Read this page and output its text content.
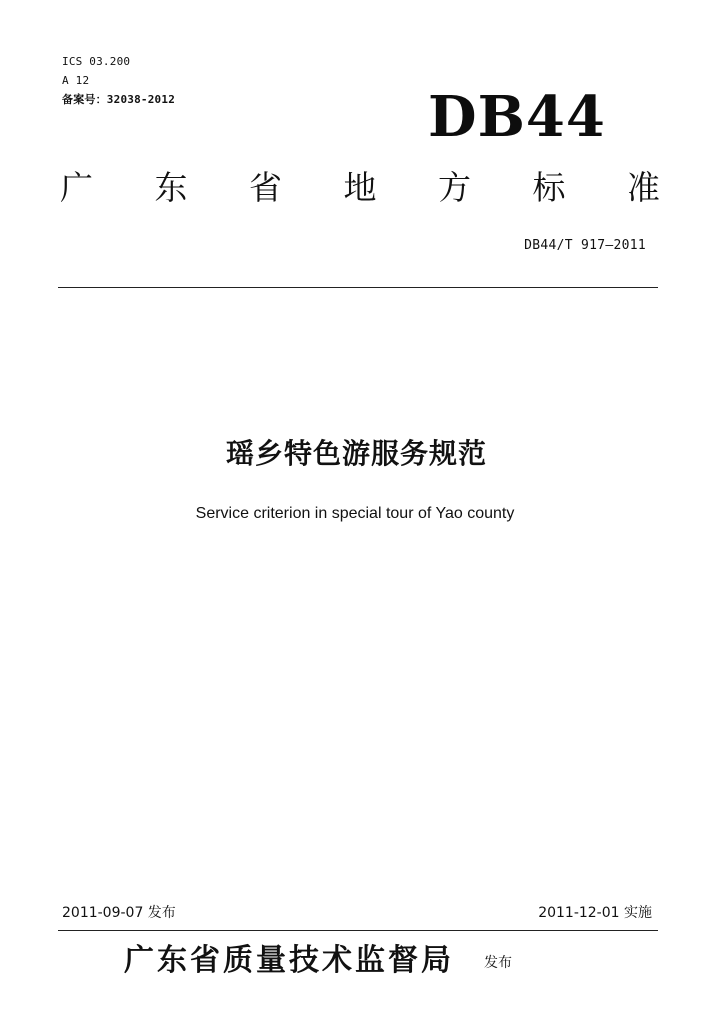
ICS 03.200
A 12
备案号：32038-2012	DB44
广 东 省 地 方 标 准
DB44/T 917—2011
瑶乡特色游服务规范
Service criterion in special tour of Yao county
2011-09-07 发布	2011-12-01 实施
广东省质量技术监督局 发布
